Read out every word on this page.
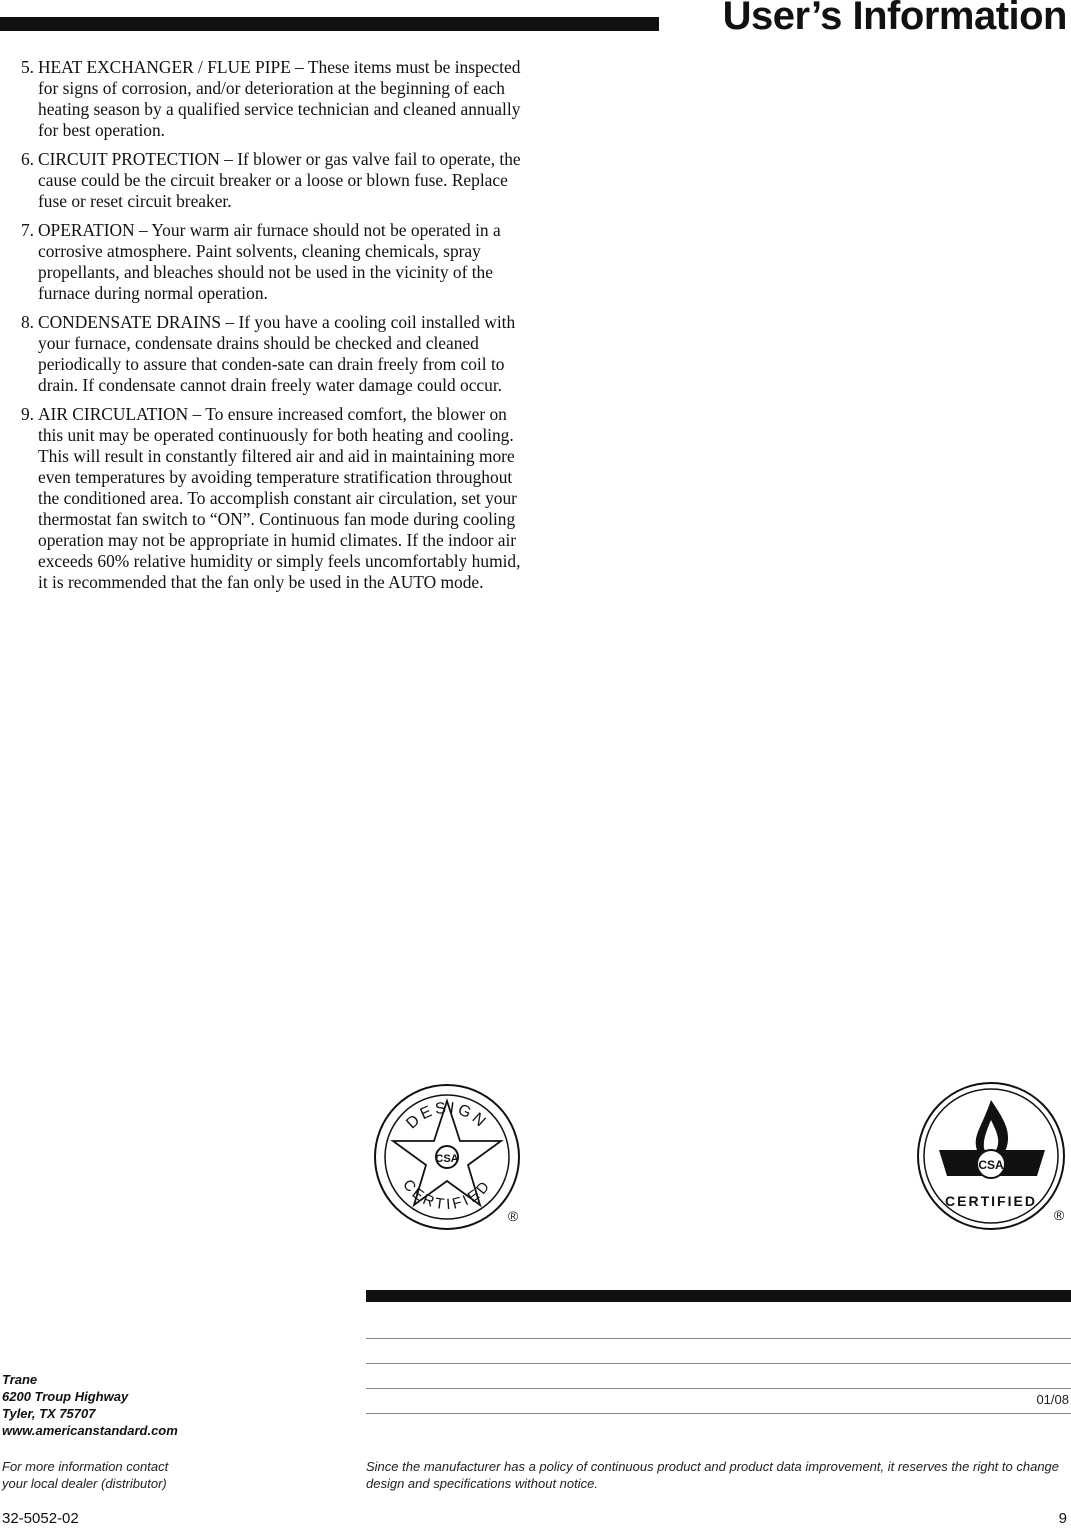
User’s Information
5. HEAT EXCHANGER / FLUE PIPE – These items must be inspected for signs of corrosion, and/or deterioration at the beginning of each heating season by a qualified service technician and cleaned annually for best operation.
6. CIRCUIT PROTECTION – If blower or gas valve fail to operate, the cause could be the circuit breaker or a loose or blown fuse. Replace fuse or reset circuit breaker.
7. OPERATION – Your warm air furnace should not be operated in a corrosive atmosphere. Paint solvents, cleaning chemicals, spray propellants, and bleaches should not be used in the vicinity of the furnace during normal operation.
8. CONDENSATE DRAINS – If you have a cooling coil installed with your furnace, condensate drains should be checked and cleaned periodically to assure that conden-sate can drain freely from coil to drain. If condensate cannot drain freely water damage could occur.
9. AIR CIRCULATION – To ensure increased comfort, the blower on this unit may be operated continuously for both heating and cooling. This will result in constantly filtered air and aid in maintaining more even temperatures by avoiding temperature stratification throughout the conditioned area. To accomplish constant air circulation, set your thermostat fan switch to “ON”. Continuous fan mode during cooling operation may not be appropriate in humid climates. If the indoor air exceeds 60% relative humidity or simply feels uncomfortably humid, it is recommended that the fan only be used in the AUTO mode.
CSA
DESIGN
CERTIFIED
®
CSA
CERTIFIED
®
01/08
Trane
6200 Troup Highway
Tyler, TX 75707
www.americanstandard.com
For more information contact
your local dealer (distributor)
Since the manufacturer has a policy of continuous product and product data improvement, it reserves the right to change design and specifications without notice.
32-5052-02	9
